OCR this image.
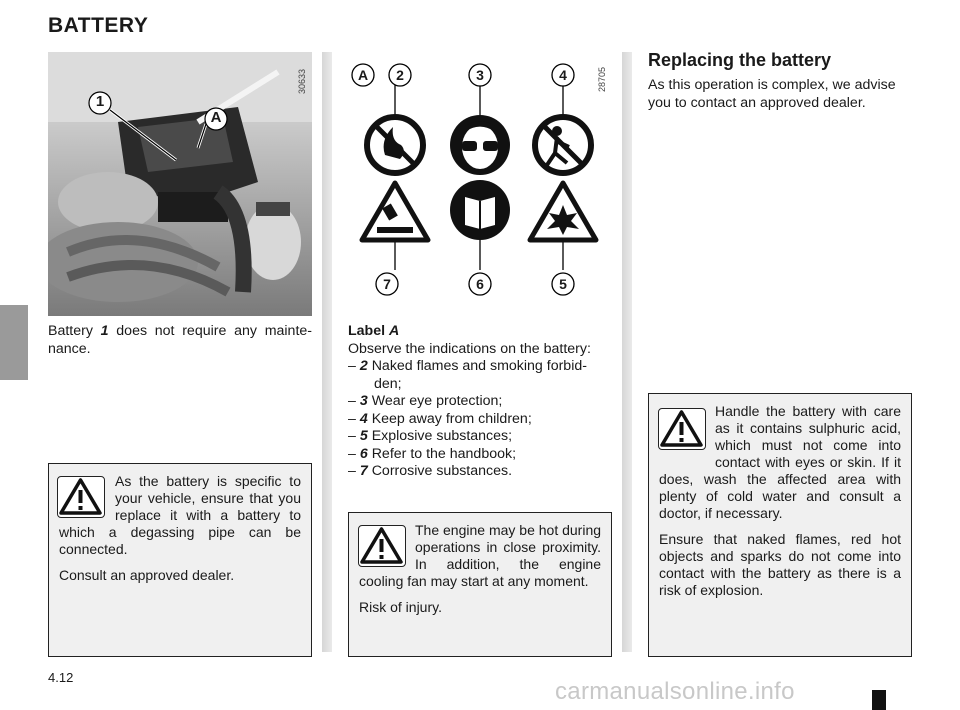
BATTERY
30633
1
A
Battery 1 does not require any mainte-nance.
As the battery is specific to your vehicle, ensure that you replace it with a battery to which a degassing pipe can be connected.
Consult an approved dealer.
28705
A 2	3	4
7	6	5
Label A
Observe the indications on the battery:
– 2 Naked flames and smoking forbid-den;
– 3 Wear eye protection;
– 4 Keep away from children;
– 5 Explosive substances;
– 6 Refer to the handbook;
– 7 Corrosive substances.
The engine may be hot during operations in close proximity. In addition, the engine cooling fan may start at any moment.
Risk of injury.
Replacing the battery
As this operation is complex, we advise you to contact an approved dealer.
Handle the battery with care as it contains sulphuric acid, which must not come into contact with eyes or skin. If it does, wash the affected area with plenty of cold water and consult a doctor, if necessary.
Ensure that naked flames, red hot objects and sparks do not come into contact with the battery as there is a risk of explosion.
4.12
carmanualsonline.info
